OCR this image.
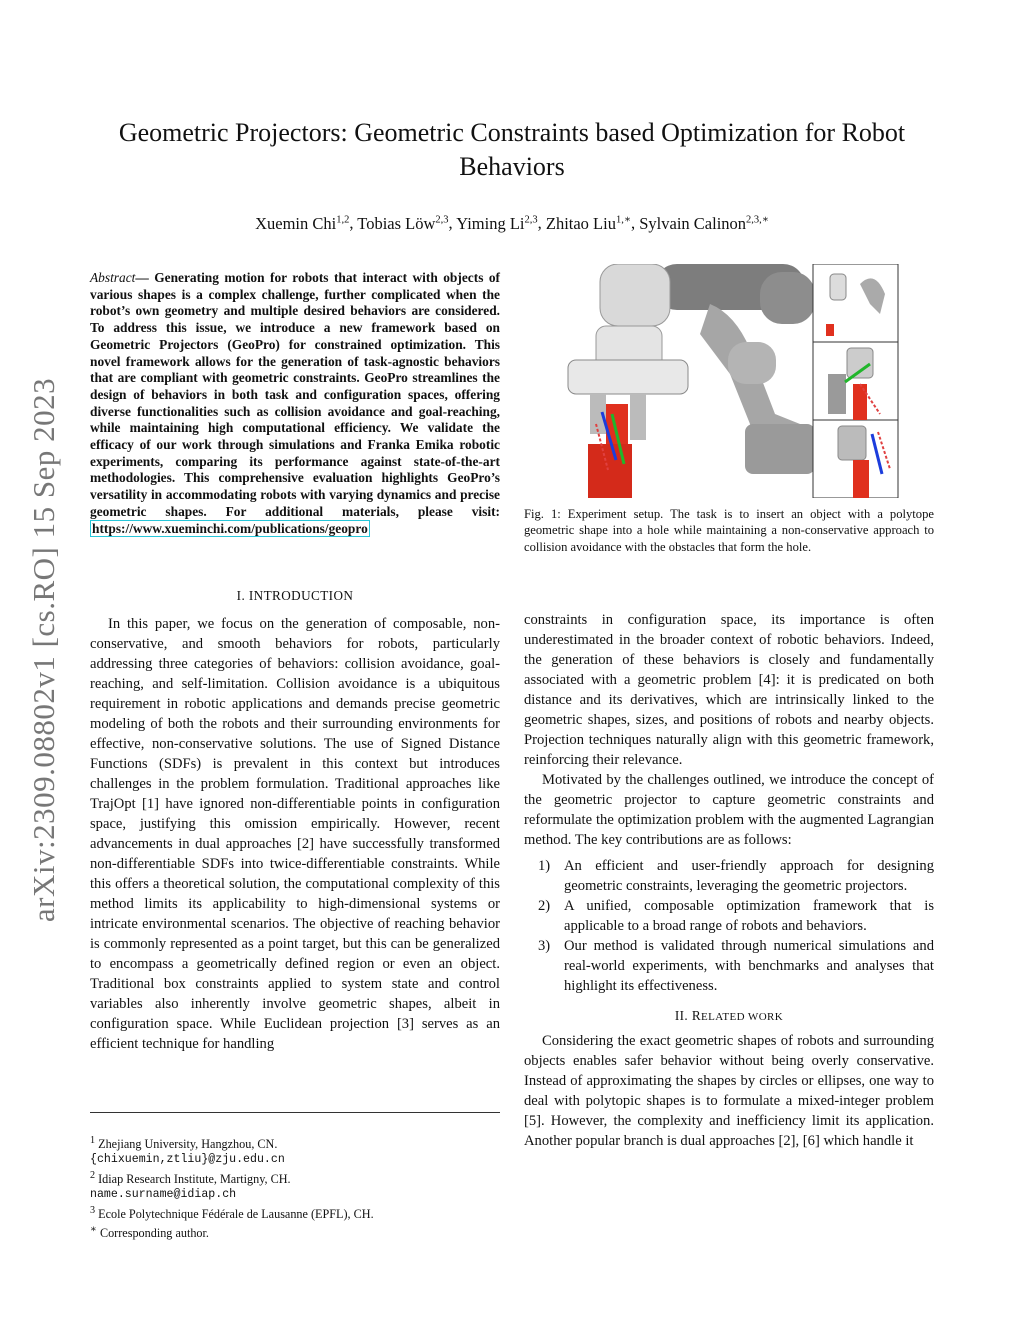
Geometric Projectors: Geometric Constraints based Optimization for Robot Behaviors
Xuemin Chi$^{1,2}$, Tobias Löw$^{2,3}$, Yiming Li$^{2,3}$, Zhitao Liu$^{1,∗}$, Sylvain Calinon$^{2,3,∗}$
arXiv:2309.08802v1 [cs.RO] 15 Sep 2023
Abstract— Generating motion for robots that interact with objects of various shapes is a complex challenge, further complicated when the robot’s own geometry and multiple desired behaviors are considered. To address this issue, we introduce a new framework based on Geometric Projectors (GeoPro) for constrained optimization. This novel framework allows for the generation of task-agnostic behaviors that are compliant with geometric constraints. GeoPro streamlines the design of behaviors in both task and configuration spaces, offering diverse functionalities such as collision avoidance and goal-reaching, while maintaining high computational efficiency. We validate the efficacy of our work through simulations and Franka Emika robotic experiments, comparing its performance against state-of-the-art methodologies. This comprehensive evaluation highlights GeoPro’s versatility in accommodating robots with varying dynamics and precise geometric shapes. For additional materials, please visit: https://www.xueminchi.com/publications/geopro
I. INTRODUCTION

In this paper, we focus on the generation of composable, non-conservative, and smooth behaviors for robots, particularly addressing three categories of behaviors: collision avoidance, goal-reaching, and self-limitation. Collision avoidance is a ubiquitous requirement in robotic applications and demands precise geometric modeling of both the robots and their surrounding environments for effective, non-conservative solutions. The use of Signed Distance Functions (SDFs) is prevalent in this context but introduces challenges in the problem formulation. Traditional approaches like TrajOpt [1] have ignored non-differentiable points in configuration space, justifying this omission empirically. However, recent advancements in dual approaches [2] have successfully transformed non-differentiable SDFs into twice-differentiable constraints. While this offers a theoretical solution, the computational complexity of this method limits its applicability to high-dimensional systems or intricate environmental scenarios. The objective of reaching behavior is commonly represented as a point target, but this can be generalized to encompass a geometrically defined region or even an object. Traditional box constraints applied to system state and control variables also inherently involve geometric shapes, albeit in configuration space. While Euclidean projection [3] serves as an efficient technique for handling

$^1$ Zhejiang University, Hangzhou, CN.
{chixuemin,ztliu}@zju.edu.cn
$^2$ Idiap Research Institute, Martigny, CH.
name.surname@idiap.ch
$^3$ Ecole Polytechnique Fédérale de Lausanne (EPFL), CH.
∗ Corresponding author.
Fig. 1: Experiment setup. The task is to insert an object with a polytope geometric shape into a hole while maintaining a non-conservative approach to collision avoidance with the obstacles that form the hole.

constraints in configuration space, its importance is often underestimated in the broader context of robotic behaviors. Indeed, the generation of these behaviors is closely and fundamentally associated with a geometric problem [4]: it is predicated on both distance and its derivatives, which are intrinsically linked to the geometric shapes, sizes, and positions of robots and nearby objects. Projection techniques naturally align with this geometric framework, reinforcing their relevance.

Motivated by the challenges outlined, we introduce the concept of the geometric projector to capture geometric constraints and reformulate the optimization problem with the augmented Lagrangian method. The key contributions are as follows:

1) An efficient and user-friendly approach for designing geometric constraints, leveraging the geometric projectors.
2) A unified, composable optimization framework that is applicable to a broad range of robots and behaviors.
3) Our method is validated through numerical simulations and real-world experiments, with benchmarks and analyses that highlight its effectiveness.
II. RELATED WORK

Considering the exact geometric shapes of robots and surrounding objects enables safer behavior without being overly conservative. Instead of approximating the shapes by circles or ellipses, one way to deal with polytopic shapes is to formulate a mixed-integer problem [5]. However, the complexity and inefficiency limit its application. Another popular branch is dual approaches [2], [6] which handle it
